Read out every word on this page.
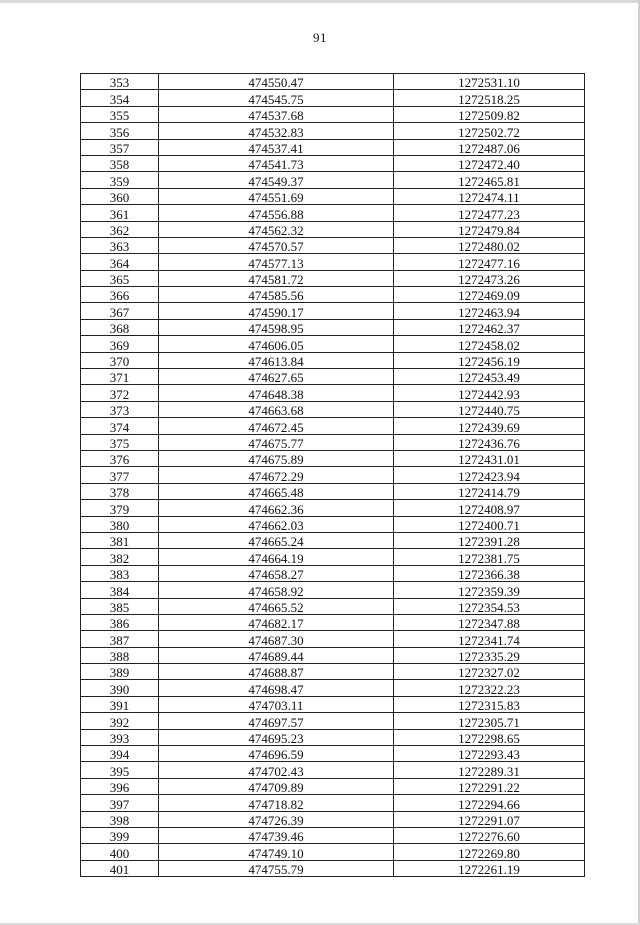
91
353	474550.47	1272531.10
354	474545.75	1272518.25
355	474537.68	1272509.82
356	474532.83	1272502.72
357	474537.41	1272487.06
358	474541.73	1272472.40
359	474549.37	1272465.81
360	474551.69	1272474.11
361	474556.88	1272477.23
362	474562.32	1272479.84
363	474570.57	1272480.02
364	474577.13	1272477.16
365	474581.72	1272473.26
366	474585.56	1272469.09
367	474590.17	1272463.94
368	474598.95	1272462.37
369	474606.05	1272458.02
370	474613.84	1272456.19
371	474627.65	1272453.49
372	474648.38	1272442.93
373	474663.68	1272440.75
374	474672.45	1272439.69
375	474675.77	1272436.76
376	474675.89	1272431.01
377	474672.29	1272423.94
378	474665.48	1272414.79
379	474662.36	1272408.97
380	474662.03	1272400.71
381	474665.24	1272391.28
382	474664.19	1272381.75
383	474658.27	1272366.38
384	474658.92	1272359.39
385	474665.52	1272354.53
386	474682.17	1272347.88
387	474687.30	1272341.74
388	474689.44	1272335.29
389	474688.87	1272327.02
390	474698.47	1272322.23
391	474703.11	1272315.83
392	474697.57	1272305.71
393	474695.23	1272298.65
394	474696.59	1272293.43
395	474702.43	1272289.31
396	474709.89	1272291.22
397	474718.82	1272294.66
398	474726.39	1272291.07
399	474739.46	1272276.60
400	474749.10	1272269.80
401	474755.79	1272261.19
